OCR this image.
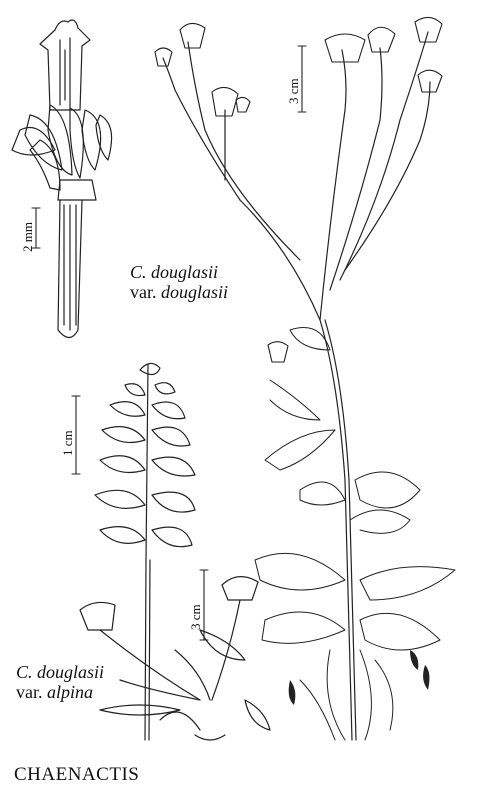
2 mm
3 cm
1 cm
3 cm
C. douglasii
var. douglasii
C. douglasii
var. alpina
CHAENACTIS
